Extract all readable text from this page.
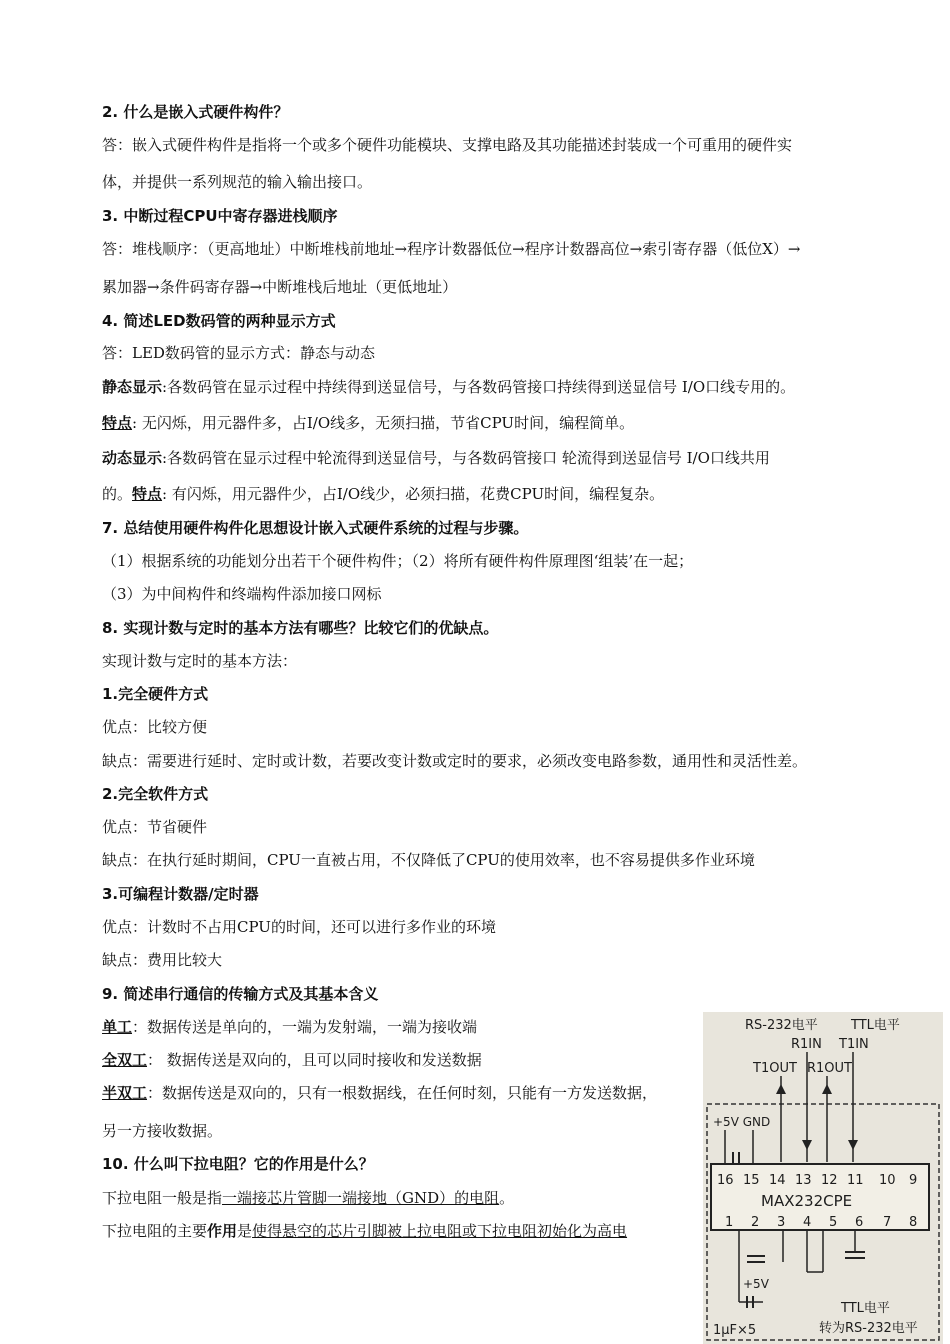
2. 什么是嵌入式硬件构件？
答：嵌入式硬件构件是指将一个或多个硬件功能模块、支撑电路及其功能描述封装成一个可重用的硬件实
体，并提供一系列规范的输入输出接口。
3. 中断过程CPU中寄存器进栈顺序
答：堆栈顺序：（更高地址）中断堆栈前地址→程序计数器低位→程序计数器高位→索引寄存器（低位X）→
累加器→条件码寄存器→中断堆栈后地址（更低地址）
4. 简述LED数码管的两种显示方式
答：LED数码管的显示方式：静态与动态
静态显示:各数码管在显示过程中持续得到送显信号，与各数码管接口持续得到送显信号 I/O口线专用的。
特点: 无闪烁，用元器件多，占I/O线多，无须扫描，节省CPU时间，编程简单。
动态显示:各数码管在显示过程中轮流得到送显信号，与各数码管接口 轮流得到送显信号 I/O口线共用
的。特点: 有闪烁，用元器件少，占I/O线少，必须扫描，花费CPU时间，编程复杂。
7. 总结使用硬件构件化思想设计嵌入式硬件系统的过程与步骤。
（1）根据系统的功能划分出若干个硬件构件；（2）将所有硬件构件原理图‘组装’在一起；
（3）为中间构件和终端构件添加接口网标
8. 实现计数与定时的基本方法有哪些？比较它们的优缺点。
实现计数与定时的基本方法：
1.完全硬件方式
优点：比较方便
缺点：需要进行延时、定时或计数，若要改变计数或定时的要求，必须改变电路参数，通用性和灵活性差。
2.完全软件方式
优点：节省硬件
缺点：在执行延时期间，CPU一直被占用，不仅降低了CPU的使用效率，也不容易提供多作业环境
3.可编程计数器/定时器
优点：计数时不占用CPU的时间，还可以进行多作业的环境
缺点：费用比较大
9. 简述串行通信的传输方式及其基本含义
单工：数据传送是单向的，一端为发射端，一端为接收端
全双工： 数据传送是双向的，且可以同时接收和发送数据
半双工：数据传送是双向的，只有一根数据线，在任何时刻，只能有一方发送数据，
另一方接收数据。
10. 什么叫下拉电阻？它的作用是什么？
下拉电阻一般是指一端接芯片管脚一端接地（GND）的电阻。
下拉电阻的主要作用是使得悬空的芯片引脚被上拉电阻或下拉电阻初始化为高电
RS-232电平	TTL电平
R1IN T1IN
T1OUT R1OUT
+5V GND
16 15 14 13 12 11 10 9
MAX232CPE
1 2 3 4 5 6 7 8
+5V
1μF×5
TTL电平
转为RS-232电平
